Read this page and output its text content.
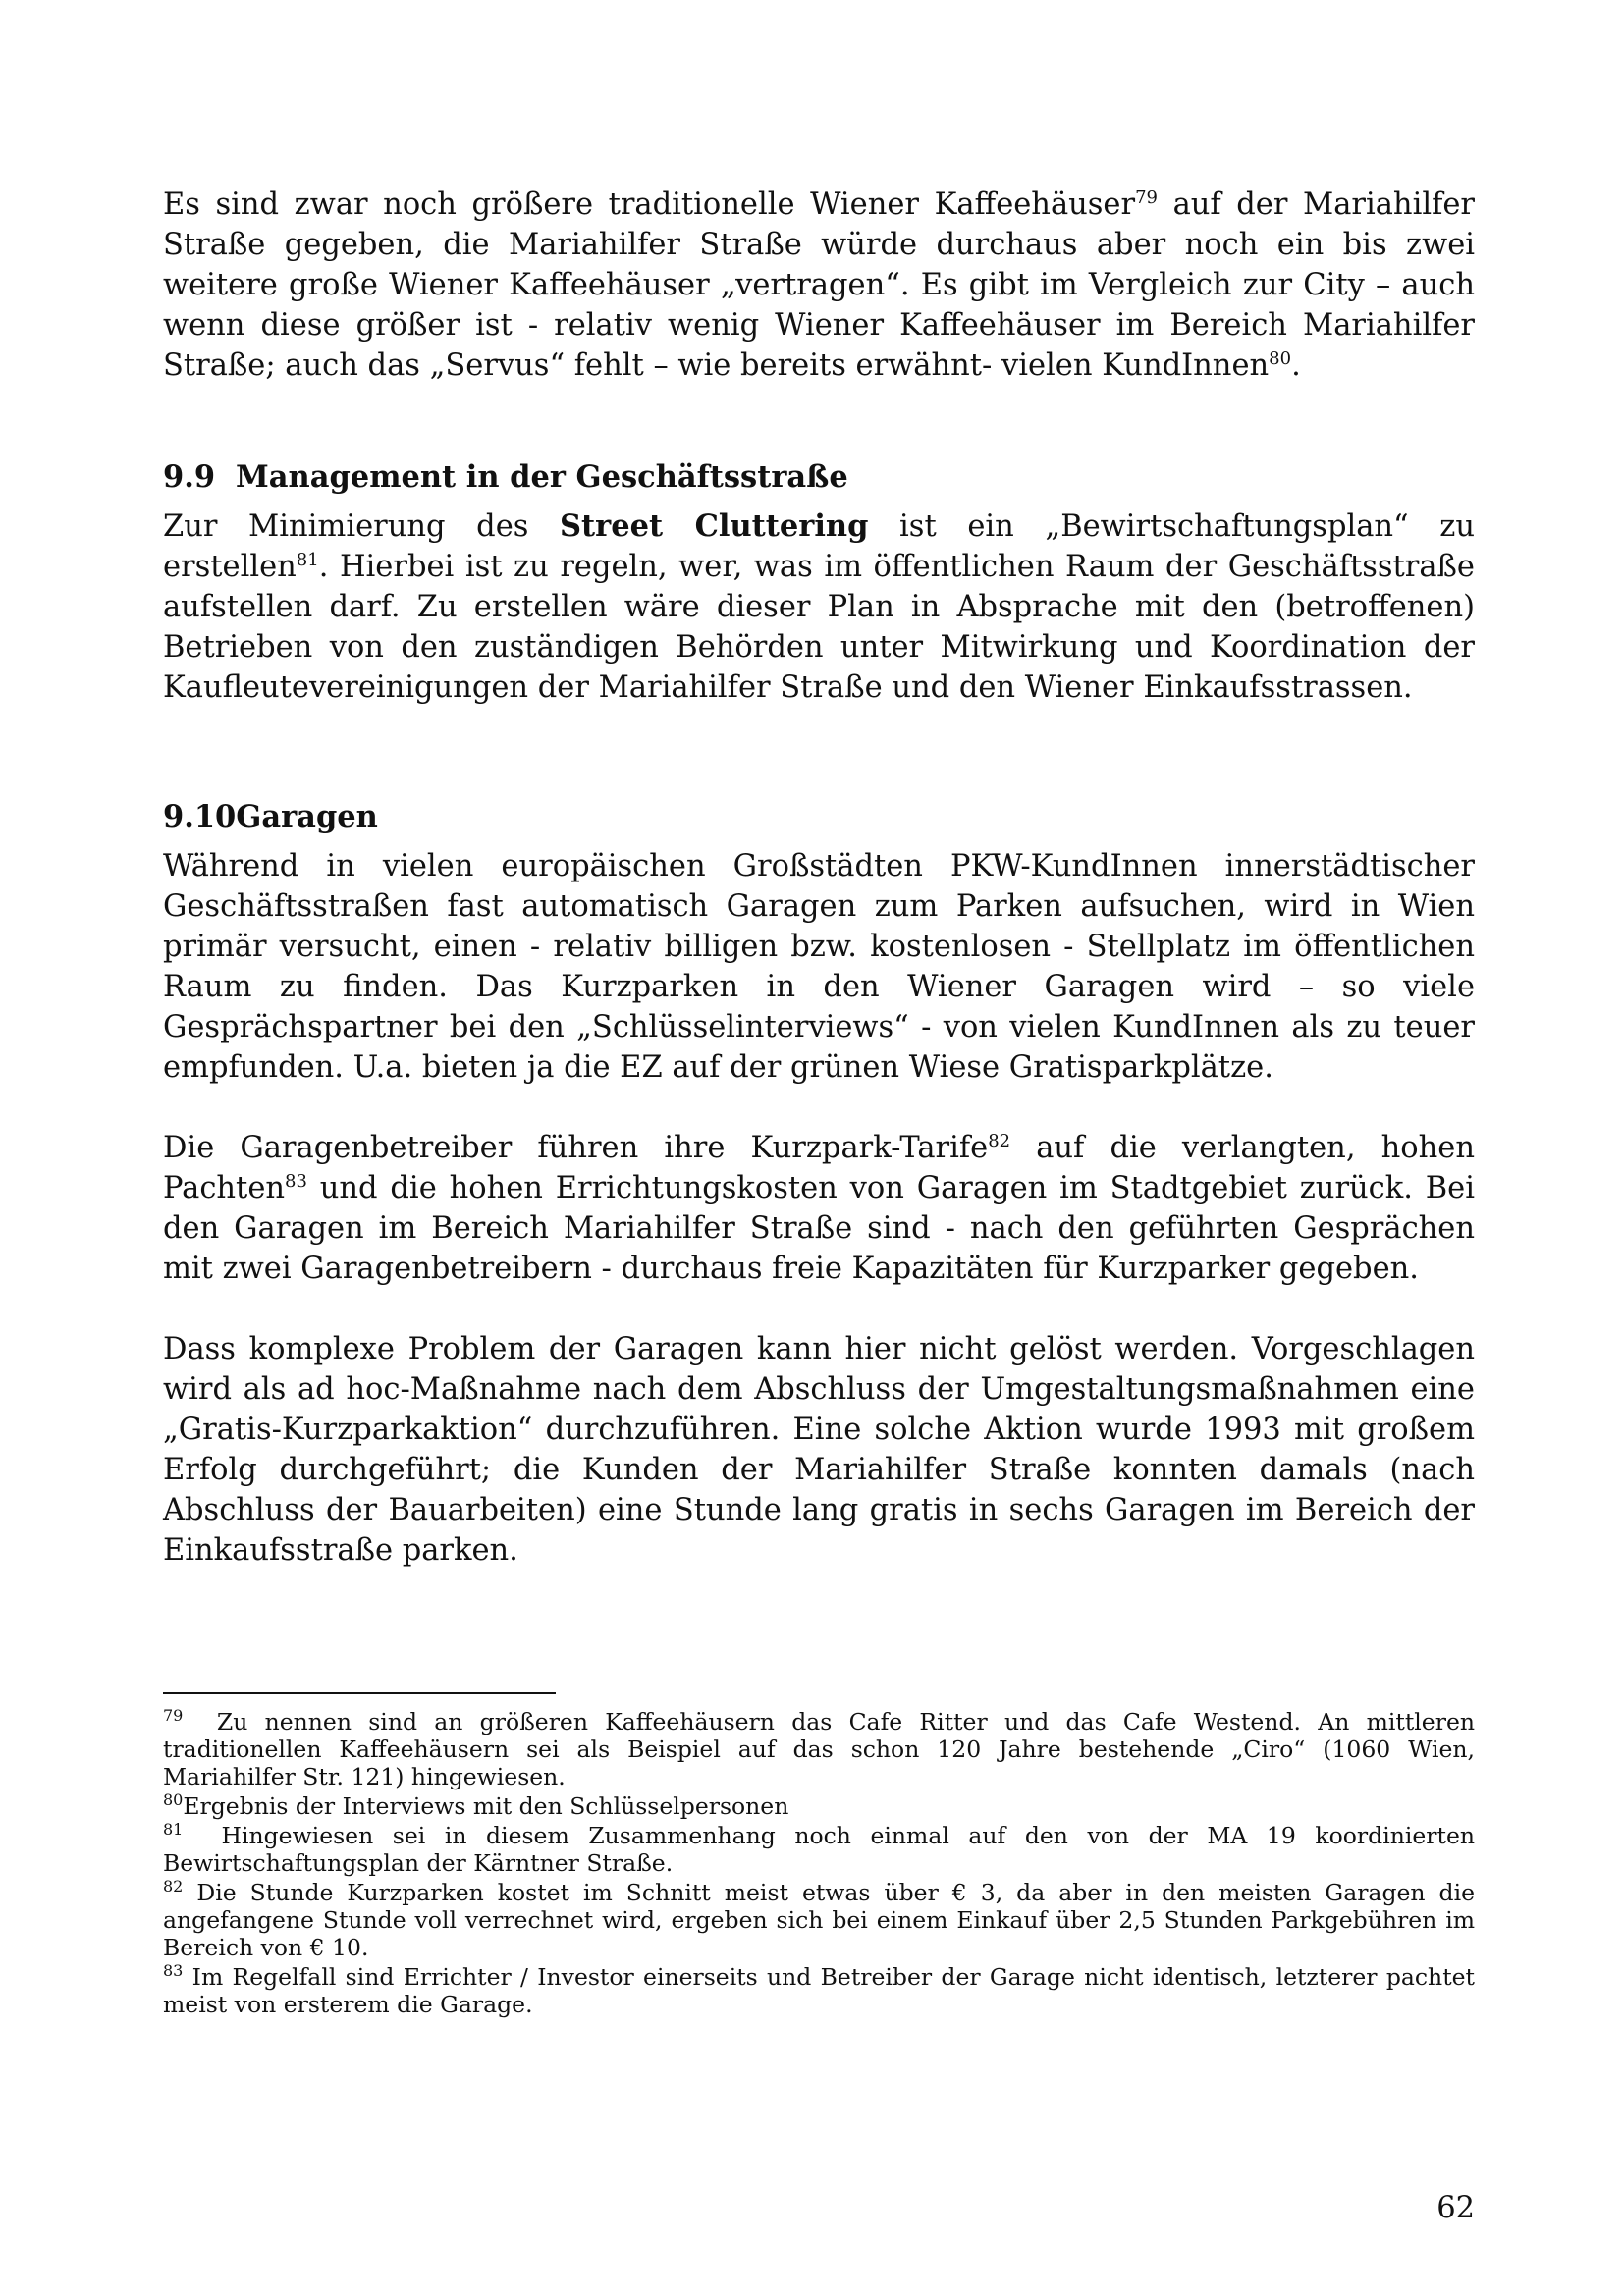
Es sind zwar noch größere traditionelle Wiener Kaffeehäuser$^{79}$ auf der Mariahilfer Straße gegeben, die Mariahilfer Straße würde durchaus aber noch ein bis zwei weitere große Wiener Kaffeehäuser „vertragen“. Es gibt im Vergleich zur City – auch wenn diese größer ist - relativ wenig Wiener Kaffeehäuser im Bereich Mariahilfer Straße; auch das „Servus“ fehlt – wie bereits erwähnt- vielen KundInnen$^{80}$.

9.9 Management in der Geschäftsstraße

Zur Minimierung des Street Cluttering ist ein „Bewirtschaftungsplan“ zu erstellen$^{81}$. Hierbei ist zu regeln, wer, was im öffentlichen Raum der Geschäftsstraße aufstellen darf. Zu erstellen wäre dieser Plan in Absprache mit den (betroffenen) Betrieben von den zuständigen Behörden unter Mitwirkung und Koordination der Kaufleutevereinigungen der Mariahilfer Straße und den Wiener Einkaufsstrassen.

9.10Garagen

Während in vielen europäischen Großstädten PKW-KundInnen innerstädtischer Geschäftsstraßen fast automatisch Garagen zum Parken aufsuchen, wird in Wien primär versucht, einen - relativ billigen bzw. kostenlosen - Stellplatz im öffentlichen Raum zu finden. Das Kurzparken in den Wiener Garagen wird – so viele Gesprächspartner bei den „Schlüsselinterviews“ - von vielen KundInnen als zu teuer empfunden. U.a. bieten ja die EZ auf der grünen Wiese Gratisparkplätze.

Die Garagenbetreiber führen ihre Kurzpark-Tarife$^{82}$ auf die verlangten, hohen Pachten$^{83}$ und die hohen Errichtungskosten von Garagen im Stadtgebiet zurück. Bei den Garagen im Bereich Mariahilfer Straße sind - nach den geführten Gesprächen mit zwei Garagenbetreibern - durchaus freie Kapazitäten für Kurzparker gegeben.

Dass komplexe Problem der Garagen kann hier nicht gelöst werden. Vorgeschlagen wird als ad hoc-Maßnahme nach dem Abschluss der Umgestaltungsmaßnahmen eine „Gratis-Kurzparkaktion“ durchzuführen. Eine solche Aktion wurde 1993 mit großem Erfolg durchgeführt; die Kunden der Mariahilfer Straße konnten damals (nach Abschluss der Bauarbeiten) eine Stunde lang gratis in sechs Garagen im Bereich der Einkaufsstraße parken.

$^{79}$ Zu nennen sind an größeren Kaffeehäusern das Cafe Ritter und das Cafe Westend. An mittleren traditionellen Kaffeehäusern sei als Beispiel auf das schon 120 Jahre bestehende „Ciro“ (1060 Wien, Mariahilfer Str. 121) hingewiesen.

$^{80}$Ergebnis der Interviews mit den Schlüsselpersonen

$^{81}$ Hingewiesen sei in diesem Zusammenhang noch einmal auf den von der MA 19 koordinierten Bewirtschaftungsplan der Kärntner Straße.

$^{82}$ Die Stunde Kurzparken kostet im Schnitt meist etwas über € 3, da aber in den meisten Garagen die angefangene Stunde voll verrechnet wird, ergeben sich bei einem Einkauf über 2,5 Stunden Parkgebühren im Bereich von € 10.

$^{83}$ Im Regelfall sind Errichter / Investor einerseits und Betreiber der Garage nicht identisch, letzterer pachtet meist von ersterem die Garage.

62
